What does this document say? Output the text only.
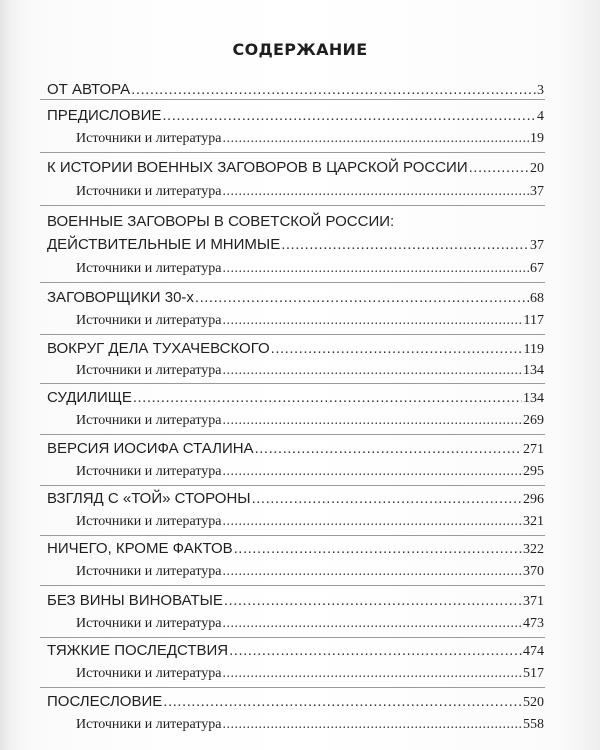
СОДЕРЖАНИЕ
ОТ АВТОРА .....	3
ПРЕДИСЛОВИЕ .....	4
Источники и литература .....	19
К ИСТОРИИ ВОЕННЫХ ЗАГОВОРОВ В ЦАРСКОЙ РОССИИ .....	20
Источники и литература .....	37
ВОЕННЫЕ ЗАГОВОРЫ В СОВЕТСКОЙ РОССИИ:
ДЕЙСТВИТЕЛЬНЫЕ И МНИМЫЕ .....	37
Источники и литература .....	67
ЗАГОВОРЩИКИ 30-х .....	68
Источники и литература .....	117
ВОКРУГ ДЕЛА ТУХАЧЕВСКОГО .....	119
Источники и литература .....	134
СУДИЛИЩЕ .....	134
Источники и литература .....	269
ВЕРСИЯ ИОСИФА СТАЛИНА .....	271
Источники и литература .....	295
ВЗГЛЯД С «ТОЙ» СТОРОНЫ .....	296
Источники и литература .....	321
НИЧЕГО, КРОМЕ ФАКТОВ .....	322
Источники и литература .....	370
БЕЗ ВИНЫ ВИНОВАТЫЕ .....	371
Источники и литература .....	473
ТЯЖКИЕ ПОСЛЕДСТВИЯ .....	474
Источники и литература .....	517
ПОСЛЕСЛОВИЕ .....	520
Источники и литература .....	558
